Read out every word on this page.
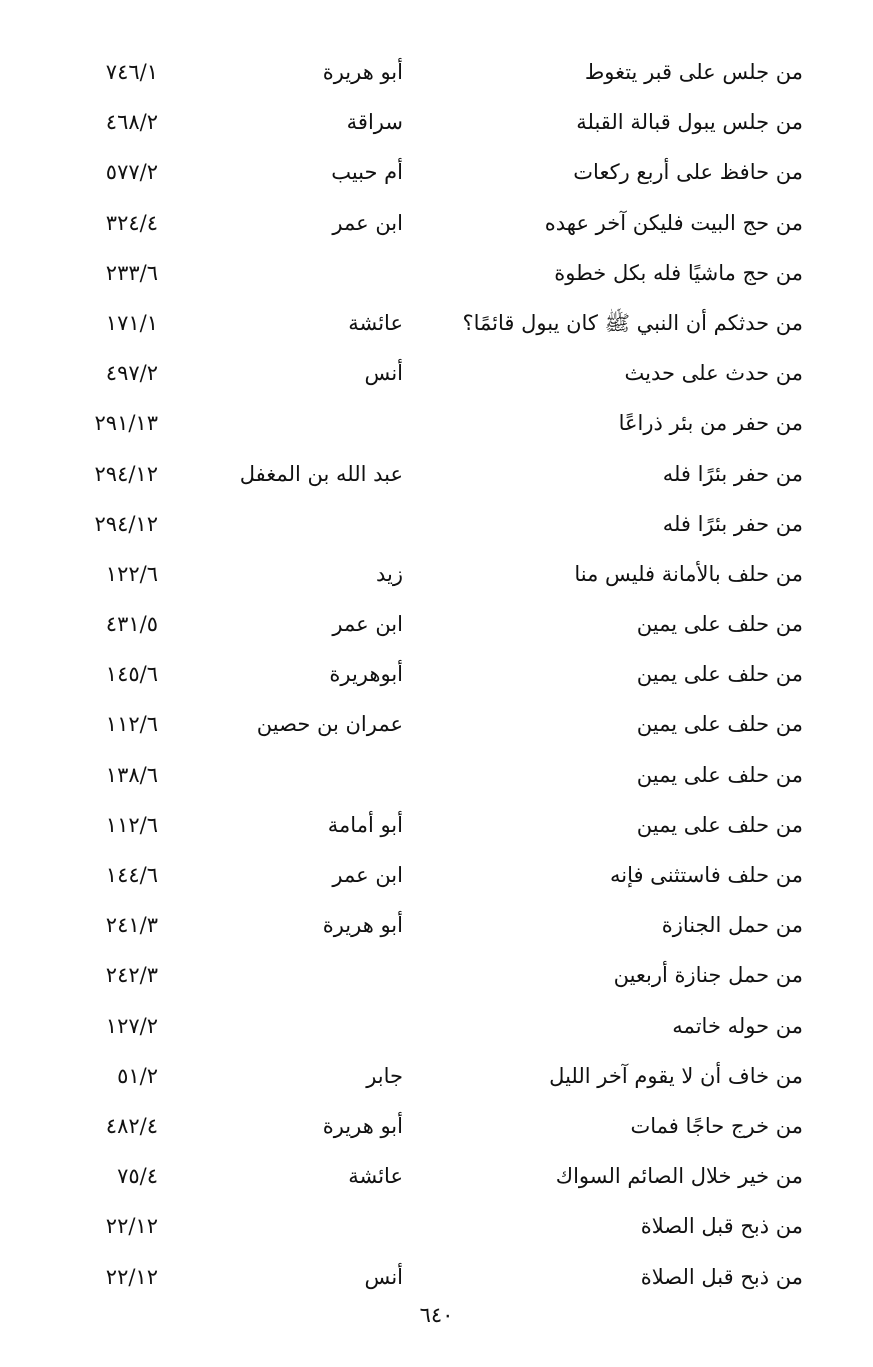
من جلس على قبر يتغوط
أبو هريرة
٧٤٦/١
من جلس يبول قبالة القبلة
سراقة
٤٦٨/٢
من حافظ على أربع ركعات
أم حبيب
٥٧٧/٢
من حج البيت فليكن آخر عهده
ابن عمر
٣٢٤/٤
من حج ماشيًا فله بكل خطوة
٢٣٣/٦
من حدثكم أن النبي ﷺ كان يبول قائمًا؟
عائشة
١٧١/١
من حدث على حديث
أنس
٤٩٧/٢
من حفر من بئر ذراعًا
٢٩١/١٣
من حفر بئرًا فله
عبد الله بن المغفل
٢٩٤/١٢
من حفر بئرًا فله
٢٩٤/١٢
من حلف بالأمانة فليس منا
زيد
١٢٢/٦
من حلف على يمين
ابن عمر
٤٣١/٥
من حلف على يمين
أبوهريرة
١٤٥/٦
من حلف على يمين
عمران بن حصين
١١٢/٦
من حلف على يمين
١٣٨/٦
من حلف على يمين
أبو أمامة
١١٢/٦
من حلف فاستثنى فإنه
ابن عمر
١٤٤/٦
من حمل الجنازة
أبو هريرة
٢٤١/٣
من حمل جنازة أربعين
٢٤٢/٣
من حوله خاتمه
١٢٧/٢
من خاف أن لا يقوم آخر الليل
جابر
٥١/٢
من خرج حاجًا فمات
أبو هريرة
٤٨٢/٤
من خير خلال الصائم السواك
عائشة
٧٥/٤
من ذبح قبل الصلاة
٢٢/١٢
من ذبح قبل الصلاة
أنس
٢٢/١٢
٦٤٠
